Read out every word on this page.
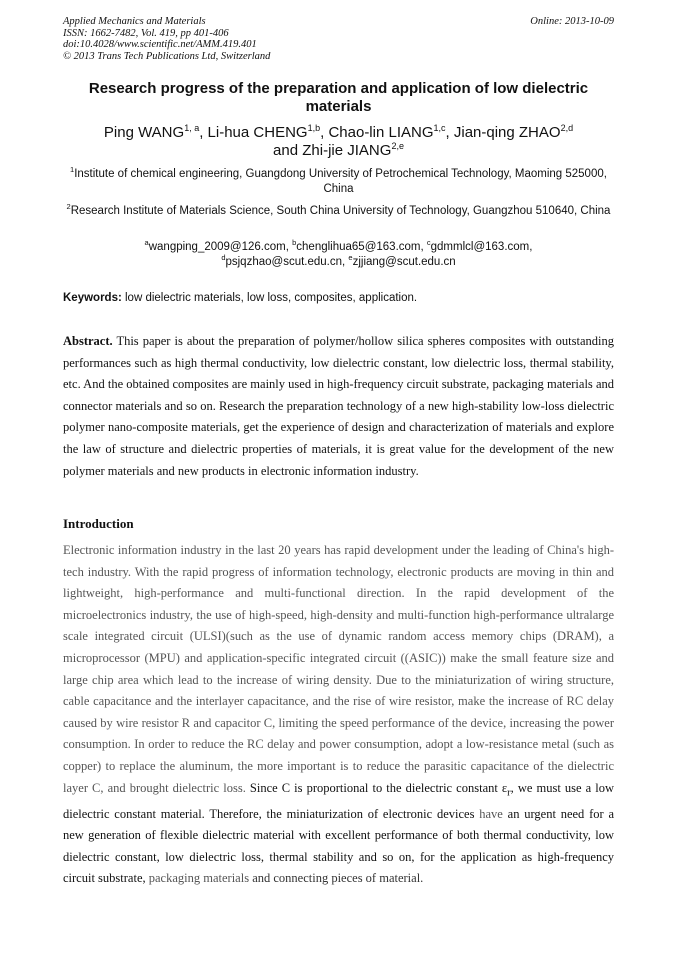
Applied Mechanics and Materials
ISSN: 1662-7482, Vol. 419, pp 401-406
doi:10.4028/www.scientific.net/AMM.419.401
© 2013 Trans Tech Publications Ltd, Switzerland
Online: 2013-10-09
Research progress of the preparation and application of low dielectric materials
Ping WANG$^{1, a}$, Li-hua CHENG$^{1,b}$, Chao-lin LIANG$^{1,c}$, Jian-qing ZHAO$^{2,d}$
and Zhi-jie JIANG$^{2,e}$
$^1$Institute of chemical engineering, Guangdong University of Petrochemical Technology, Maoming 525000, China
$^2$Research Institute of Materials Science, South China University of Technology, Guangzhou 510640, China
$^a$wangping_2009@126.com, $^b$chenglihua65@163.com, $^c$gdmmlcl@163.com,
$^d$psjqzhao@scut.edu.cn, $^e$zjjiang@scut.edu.cn
Keywords: low dielectric materials, low loss, composites, application.
Abstract. This paper is about the preparation of polymer/hollow silica spheres composites with outstanding performances such as high thermal conductivity, low dielectric constant, low dielectric loss, thermal stability, etc. And the obtained composites are mainly used in high-frequency circuit substrate, packaging materials and connector materials and so on. Research the preparation technology of a new high-stability low-loss dielectric polymer nano-composite materials, get the experience of design and characterization of materials and explore the law of structure and dielectric properties of materials, it is great value for the development of the new polymer materials and new products in electronic information industry.
Introduction
Electronic information industry in the last 20 years has rapid development under the leading of China's high-tech industry. With the rapid progress of information technology, electronic products are moving in thin and lightweight, high-performance and multi-functional direction. In the rapid development of the microelectronics industry, the use of high-speed, high-density and multi-function high-performance ultralarge scale integrated circuit (ULSI)(such as the use of dynamic random access memory chips (DRAM), a microprocessor (MPU) and application-specific integrated circuit ((ASIC)) make the small feature size and large chip area which lead to the increase of wiring density. Due to the miniaturization of wiring structure, cable capacitance and the interlayer capacitance, and the rise of wire resistor, make the increase of RC delay caused by wire resistor R and capacitor C, limiting the speed performance of the device, increasing the power consumption. In order to reduce the RC delay and power consumption, adopt a low-resistance metal (such as copper) to replace the aluminum, the more important is to reduce the parasitic capacitance of the dielectric layer C, and brought dielectric loss. Since C is proportional to the dielectric constant $\varepsilon_r$, we must use a low dielectric constant material. Therefore, the miniaturization of electronic devices have an urgent need for a new generation of flexible dielectric material with excellent performance of both thermal conductivity, low dielectric constant, low dielectric loss, thermal stability and so on, for the application as high-frequency circuit substrate, packaging materials and connecting pieces of material.
